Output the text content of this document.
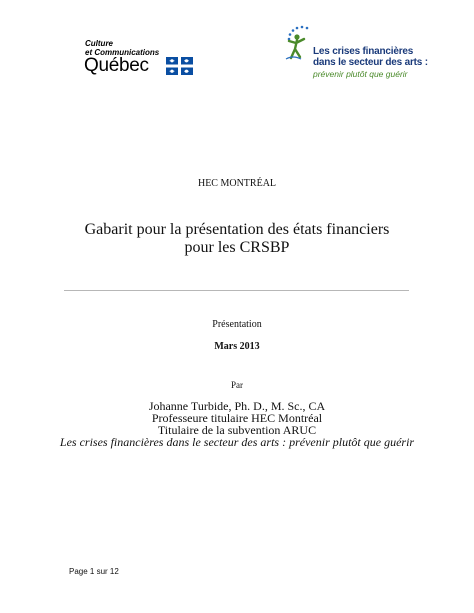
Culture
et Communications
Québec
Les crises financières
dans le secteur des arts :
prévenir plutôt que guérir
HEC MONTRÉAL
Gabarit pour la présentation des états financiers
pour les CRSBP
Présentation
Mars 2013
Par
Johanne Turbide, Ph. D., M. Sc., CA
Professeure titulaire HEC Montréal
Titulaire de la subvention ARUC
Les crises financières dans le secteur des arts : prévenir plutôt que guérir
Page 1 sur 12
